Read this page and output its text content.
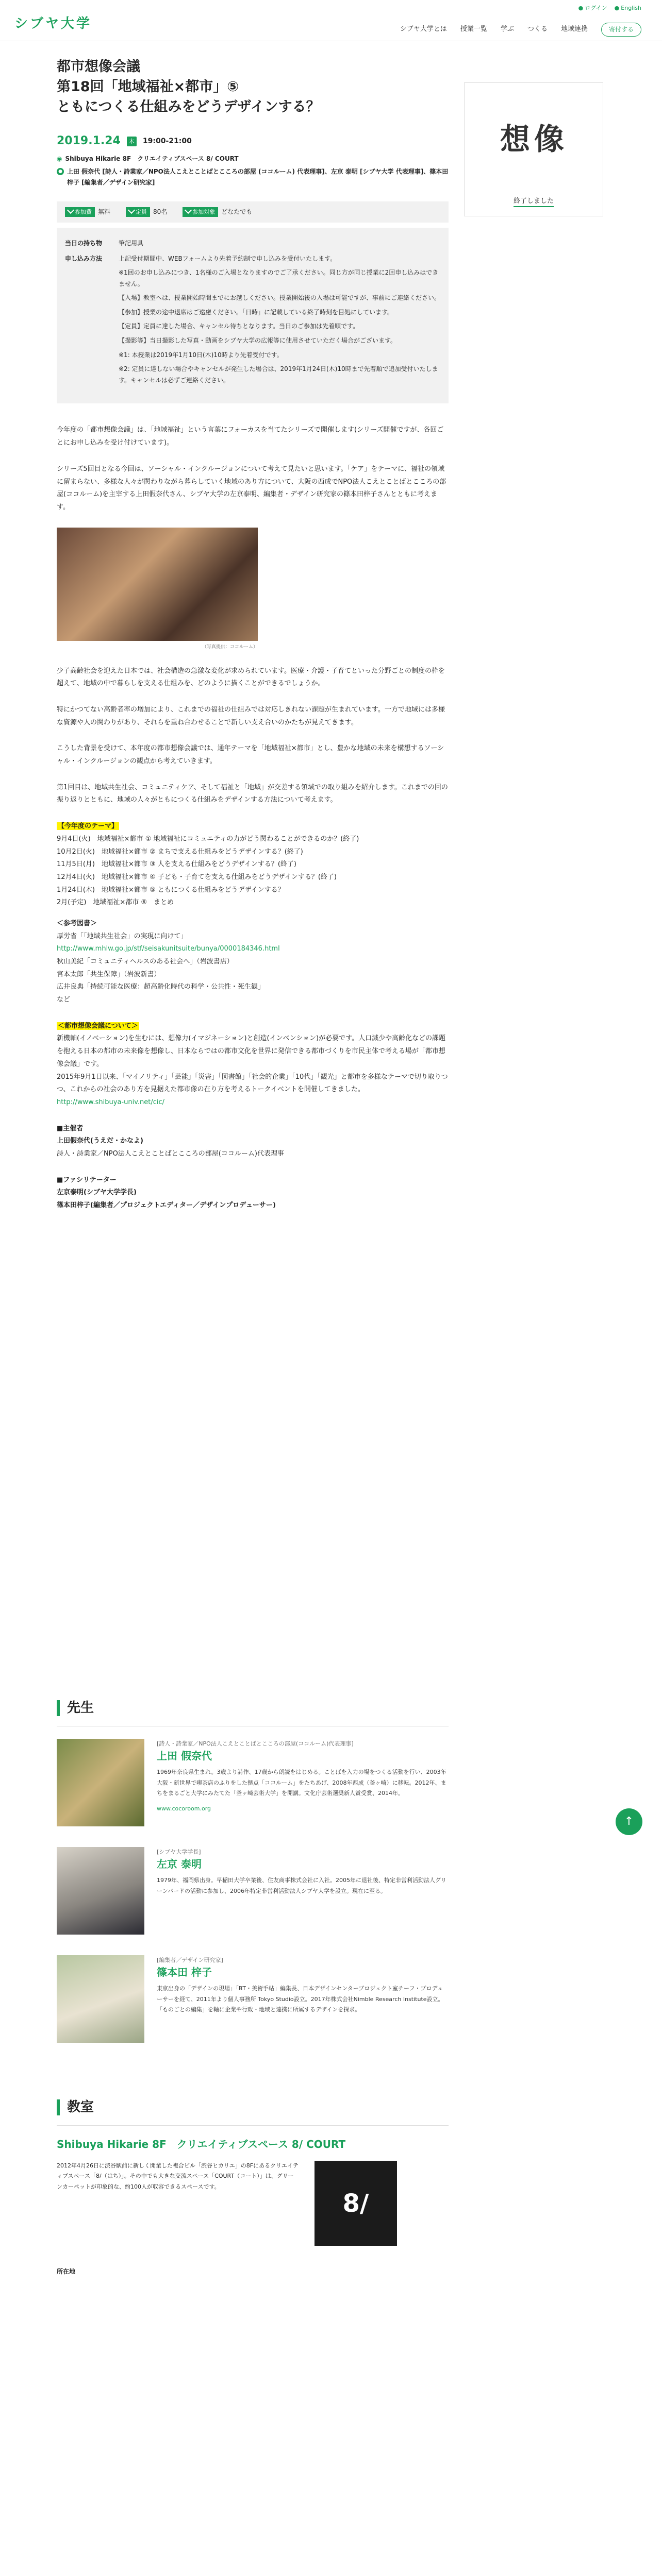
シブヤ大学
● ログイン ● English
シブヤ大学とは 授業一覧 学ぶ つくる 地域連携	寄付する
想像
終了しました
都市想像会議
第18回「地域福祉×都市」⑤
ともにつくる仕組みをどうデザインする？
2019.1.24	木 19:00-21:00
◉ Shibuya Hikarie 8F　クリエイティブスペース 8/ COURT
● 上田 假奈代 [詩人・詩業家／NPO法人こえとことばとこころの部屋 (ココルーム) 代表理事]、左京 泰明 [シブヤ大学 代表理事]、篠本田 梓子 [編集者／デザイン研究家]
参加費	無料	定員	80名	参加対象	どなたでも
当日の持ち物	筆記用具
申し込み方法	上記受付期間中、WEBフォームより先着予約制で申し込みを受付いたします。

※1回のお申し込みにつき、1名様のご入場となりますのでご了承ください。同じ方が同じ授業に2回申し込みはできません。

【入場】教室へは、授業開始時間までにお越しください。授業開始後の入場は可能ですが、事前にご連絡ください。

【参加】授業の途中退席はご遠慮ください。「日時」に記載している終了時刻を目処にしています。

【定員】定員に達した場合、キャンセル待ちとなります。当日のご参加は先着順です。

【撮影等】当日撮影した写真・動画をシブヤ大学の広報等に使用させていただく場合がございます。

※1: 本授業は2019年1月10日(木)10時より先着受付です。

※2: 定員に達しない場合やキャンセルが発生した場合は、2019年1月24日(木)10時まで先着順で追加受付いたします。キャンセルは必ずご連絡ください。

今年度の「都市想像会議」は、「地域福祉」という言葉にフォーカスを当てたシリーズで開催します(シリーズ開催ですが、各回ごとにお申し込みを受け付けています)。

シリーズ5回目となる今回は、ソーシャル・インクルージョンについて考えて見たいと思います。「ケア」をテーマに、福祉の領域に留まらない、多様な人々が関わりながら暮らしていく地域のあり方について、大阪の西成でNPO法人こえとことばとこころの部屋(ココルーム)を主宰する上田假奈代さん、シブヤ大学の左京泰明、編集者・デザイン研究家の篠本田梓子さんとともに考えます。

（写真提供：ココルーム）

少子高齢社会を迎えた日本では、社会構造の急激な変化が求められています。医療・介護・子育てといった分野ごとの制度の枠を超えて、地域の中で暮らしを支える仕組みを、どのように描くことができるでしょうか。

特にかつてない高齢者率の増加により、これまでの福祉の仕組みでは対応しきれない課題が生まれています。一方で地域には多様な資源や人の関わりがあり、それらを重ね合わせることで新しい支え合いのかたちが見えてきます。

こうした背景を受けて、本年度の都市想像会議では、通年テーマを「地域福祉×都市」とし、豊かな地域の未来を構想するソーシャル・インクルージョンの観点から考えていきます。

第1回目は、地域共生社会、コミュニティケア、そして福祉と「地域」が交差する領域での取り組みを紹介します。これまでの回の振り返りとともに、地域の人々がともにつくる仕組みをデザインする方法について考えます。

【今年度のテーマ】
9月4日(火)　地域福祉×都市 ① 地域福祉にコミュニティの力がどう関わることができるのか？(終了)
10月2日(火)　地域福祉×都市 ② まちで支える仕組みをどうデザインする？(終了)
11月5日(月)　地域福祉×都市 ③ 人を支える仕組みをどうデザインする？(終了)
12月4日(火)　地域福祉×都市 ④ 子ども・子育てを支える仕組みをどうデザインする？(終了)
1月24日(木)　地域福祉×都市 ⑤ ともにつくる仕組みをどうデザインする？
2月(予定)　地域福祉×都市 ⑥　まとめ
＜参考図書＞
厚労省「「地域共生社会」の実現に向けて」
http://www.mhlw.go.jp/stf/seisakunitsuite/bunya/0000184346.html
秋山美紀「コミュニティヘルスのある社会へ」（岩波書店）
宮本太郎「共生保障」（岩波新書）
広井良典「持続可能な医療：超高齢化時代の科学・公共性・死生観」
など
＜都市想像会議について＞

新機軸(イノベーション)を生むには、想像力(イマジネーション)と創造(インベンション)が必要です。人口減少や高齢化などの課題を抱える日本の都市の未来像を想像し、日本ならではの都市文化を世界に発信できる都市づくりを市民主体で考える場が「都市想像会議」です。

2015年9月1日以来、「マイノリティ」「芸能」「災害」「図書館」「社会的企業」「10代」「観光」と都市を多様なテーマで切り取りつつ、これからの社会のあり方を見据えた都市像の在り方を考えるトークイベントを開催してきました。

http://www.shibuya-univ.net/cic/

■主催者
上田假奈代(うえだ・かなよ)

詩人・詩業家／NPO法人こえとことばとこころの部屋(ココルーム)代表理事

■ファシリテーター
左京泰明(シブヤ大学学長)
篠本田梓子(編集者／プロジェクトエディター／デザインプロデューサー)
先生
[詩人・詩業家／NPO法人こえとことばとこころの部屋(ココルーム)代表理事]
上田 假奈代
1969年奈良県生まれ。3歳より詩作、17歳から朗読をはじめる。ことばを入力の場をつくる活動を行い、2003年大阪・新世界で喫茶店のふりをした拠点「ココルーム」をたちあげ、2008年西成（釜ヶ崎）に移転。2012年、まちをまるごと大学にみたてた「釜ヶ崎芸術大学」を開講。文化庁芸術選奨新人賞受賞、2014年。
www.cocoroom.org
[シブヤ大学学長]
左京 泰明
1979年、福岡県出身。早稲田大学卒業後、住友商事株式会社に入社。2005年に退社後、特定非営利活動法人グリーンバードの活動に参加し、2006年特定非営利活動法人シブヤ大学を設立。現在に至る。
[編集者／デザイン研究家]
篠本田 梓子
東京出身の「デザインの現場」「BT・美術手帖」編集長、日本デザインセンターブロジェクト室チーフ・プロデューサーを経て、2011年より個人事務所 Tokyo Studio設立。2017年株式会社Nimble Research Institute設立。「ものごとの編集」を軸に企業や行政・地域と連携に所属するデザインを探求。
教室
Shibuya Hikarie 8F　クリエイティブスペース 8/ COURT
2012年4月26日に渋谷駅前に新しく開業した複合ビル「渋谷ヒカリエ」の8Fにあるクリエイティブスペース「8/（はち）」。その中でも大きな交流スペース「COURT（コート）」は、グリーンカーペットが印象的な、約100人が収容できるスペースです。
8/
所在地
↑
